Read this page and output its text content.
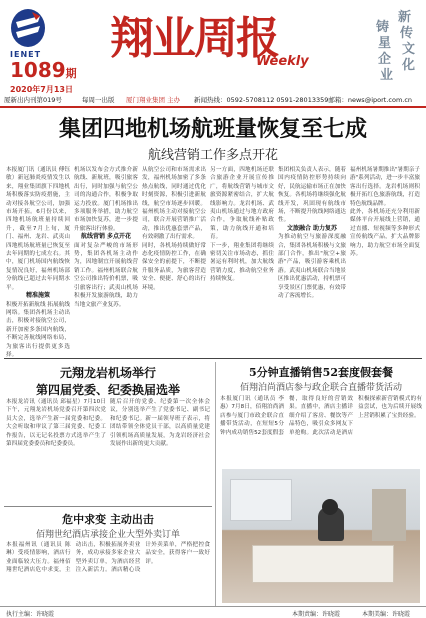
IENET
1089期
2020年7月13日
翔业周报
Weekly
新
传
文
化
铸
星
企
业
厦新出内刊第019号	每周一出版 厦门翔业集团 主办 新闻热线：0592-5708112 0591-28013359邮箱：news@iport.com.cn
集团四地机场航班量恢复至七成
航线营销工作多点开花

本报厦门讯（通讯员 傅钰敏）新冠肺炎疫情发生以来，翔业集团旗下四地机场积极落实防疫措施，主动对接各航空公司，加强市场开拓。6月份以来，四地机场航班量持续回升，截至7月上旬，厦门、福州、龙岩、武夷山四地机场航班量已恢复至去年同期的七成左右。其中，厦门机场国内航线恢复情况良好，福州机场部分航线已超过去年同期水平。

精准施策

积极开拓新航线 拓展航线网络。集团各机场主动出击，积极对接航空公司，新开加密多条国内航线，不断完善航线网络布局，为旅客出行提供更多选择。

机场以发布会方式推介新航线、新航班，吸引旅客出行，同时加强与航空公司的沟通合作，积极争取运力投放。厦门机场推出多项服务举措，助力航空市场加快复苏，进一步提升旅客出行体验。

航线营销 多点开花

面对复杂严峻的市场形势，集团各机场主动作为，因地制宜开展航线营销工作。福州机场联合航空公司推出特价机票，吸引旅客出行；武夷山机场积极开发旅游航线，助力当地文旅产业复苏。

从航空公司和市场需求出发，福州机场加密了多条热点航线，同时通过优化时刻资源，积极引进新航线，航空市场逐步回暖。福州机场主动对接航空公司，联合开展营销推广活动，推出优惠套票产品，有效刺激了出行需求。

同时，各机场持续做好常态化疫情防控工作，在确保安全的前提下，不断提升服务品质，为旅客营造安全、便捷、舒心的出行环境。

另一方面，四地机场还联合旅游企业开展宣传推广，将航线营销与城市文旅资源紧密结合，扩大航线影响力。龙岩机场、武夷山机场通过与地方政府合作，争取航线补贴政策，助力航线开通和培育。

下一步，翔业集团将继续密切关注市场动态，抓住暑运有利时机，加大航线营销力度，推动航空业务持续恢复。

集团相关负责人表示，随着国内疫情防控形势持续向好，民航运输市场正在加快恢复。各机场将继续强化航线开发，巩固现有航线市场，不断提升航线网络通达性。

文旅融合 助力复苏

为推动航空与旅游深度融合，集团各机场积极与文旅部门合作，推出"航空+旅游"产品，吸引游客乘机出游。武夷山机场联合当地景区推出优惠活动，持机票可享受景区门票优惠，有效带动了客流增长。

福州机场暑期推出"暑期亲子游"系列活动，进一步丰富旅客出行选择。龙岩机场则积极开拓红色旅游航线，打造特色航线品牌。

此外，各机场还充分利用新媒体平台开展线上营销，通过直播、短视频等多种形式宣传航线产品，扩大品牌影响力，助力航空市场全面复苏。

元翔龙岩机场举行
第四届党委、纪委换届选举

本报龙岩讯（通讯员 邱福星）7月10日下午，元翔龙岩机场党委召开第四次党员大会，选举产生新一届党委和纪委。大会听取和审议了第三届党委、纪委工作报告，以无记名投票方式选举产生了第四届党委委员和纪委委员。

随后召开的党委、纪委第一次全体会议，分别选举产生了党委书记、副书记和纪委书记。新一届领导班子表示，将团结带领全体党员干部，以高质量党建引领机场高质量发展，为龙岩经济社会发展作出新的更大贡献。

危中求变 主动出击
佰翔世纪酒店承接企业大型外卖订单

本报福州讯（通讯员 陈琳）受疫情影响，酒店行业面临较大压力。福州佰翔世纪酒店危中求变，主动出击，积极拓展外卖业务，成功承接多家企业大型外卖订单，为酒店经营注入新活力。酒店精心设计外卖菜单，严格把控食品安全，获得客户一致好评。

5分钟直播销售52套度假套餐
佰翔泊尚酒店参与政企联合直播带货活动

本报厦门讯（通讯员 李惠）7月8日，佰翔泊尚酒店参与厦门市政企联合直播带货活动，在短短5分钟内成功销售52套度假套餐，取得良好的营销效果。直播中，酒店主播详细介绍了客房、餐饮等产品特色，吸引众多网友下单抢购。此次活动是酒店积极探索新营销模式的有益尝试，也为后续开展线上营销积累了宝贵经验。

执行主编：许晓霞	本期责编：许晓霞	本期美编：许晓霞
